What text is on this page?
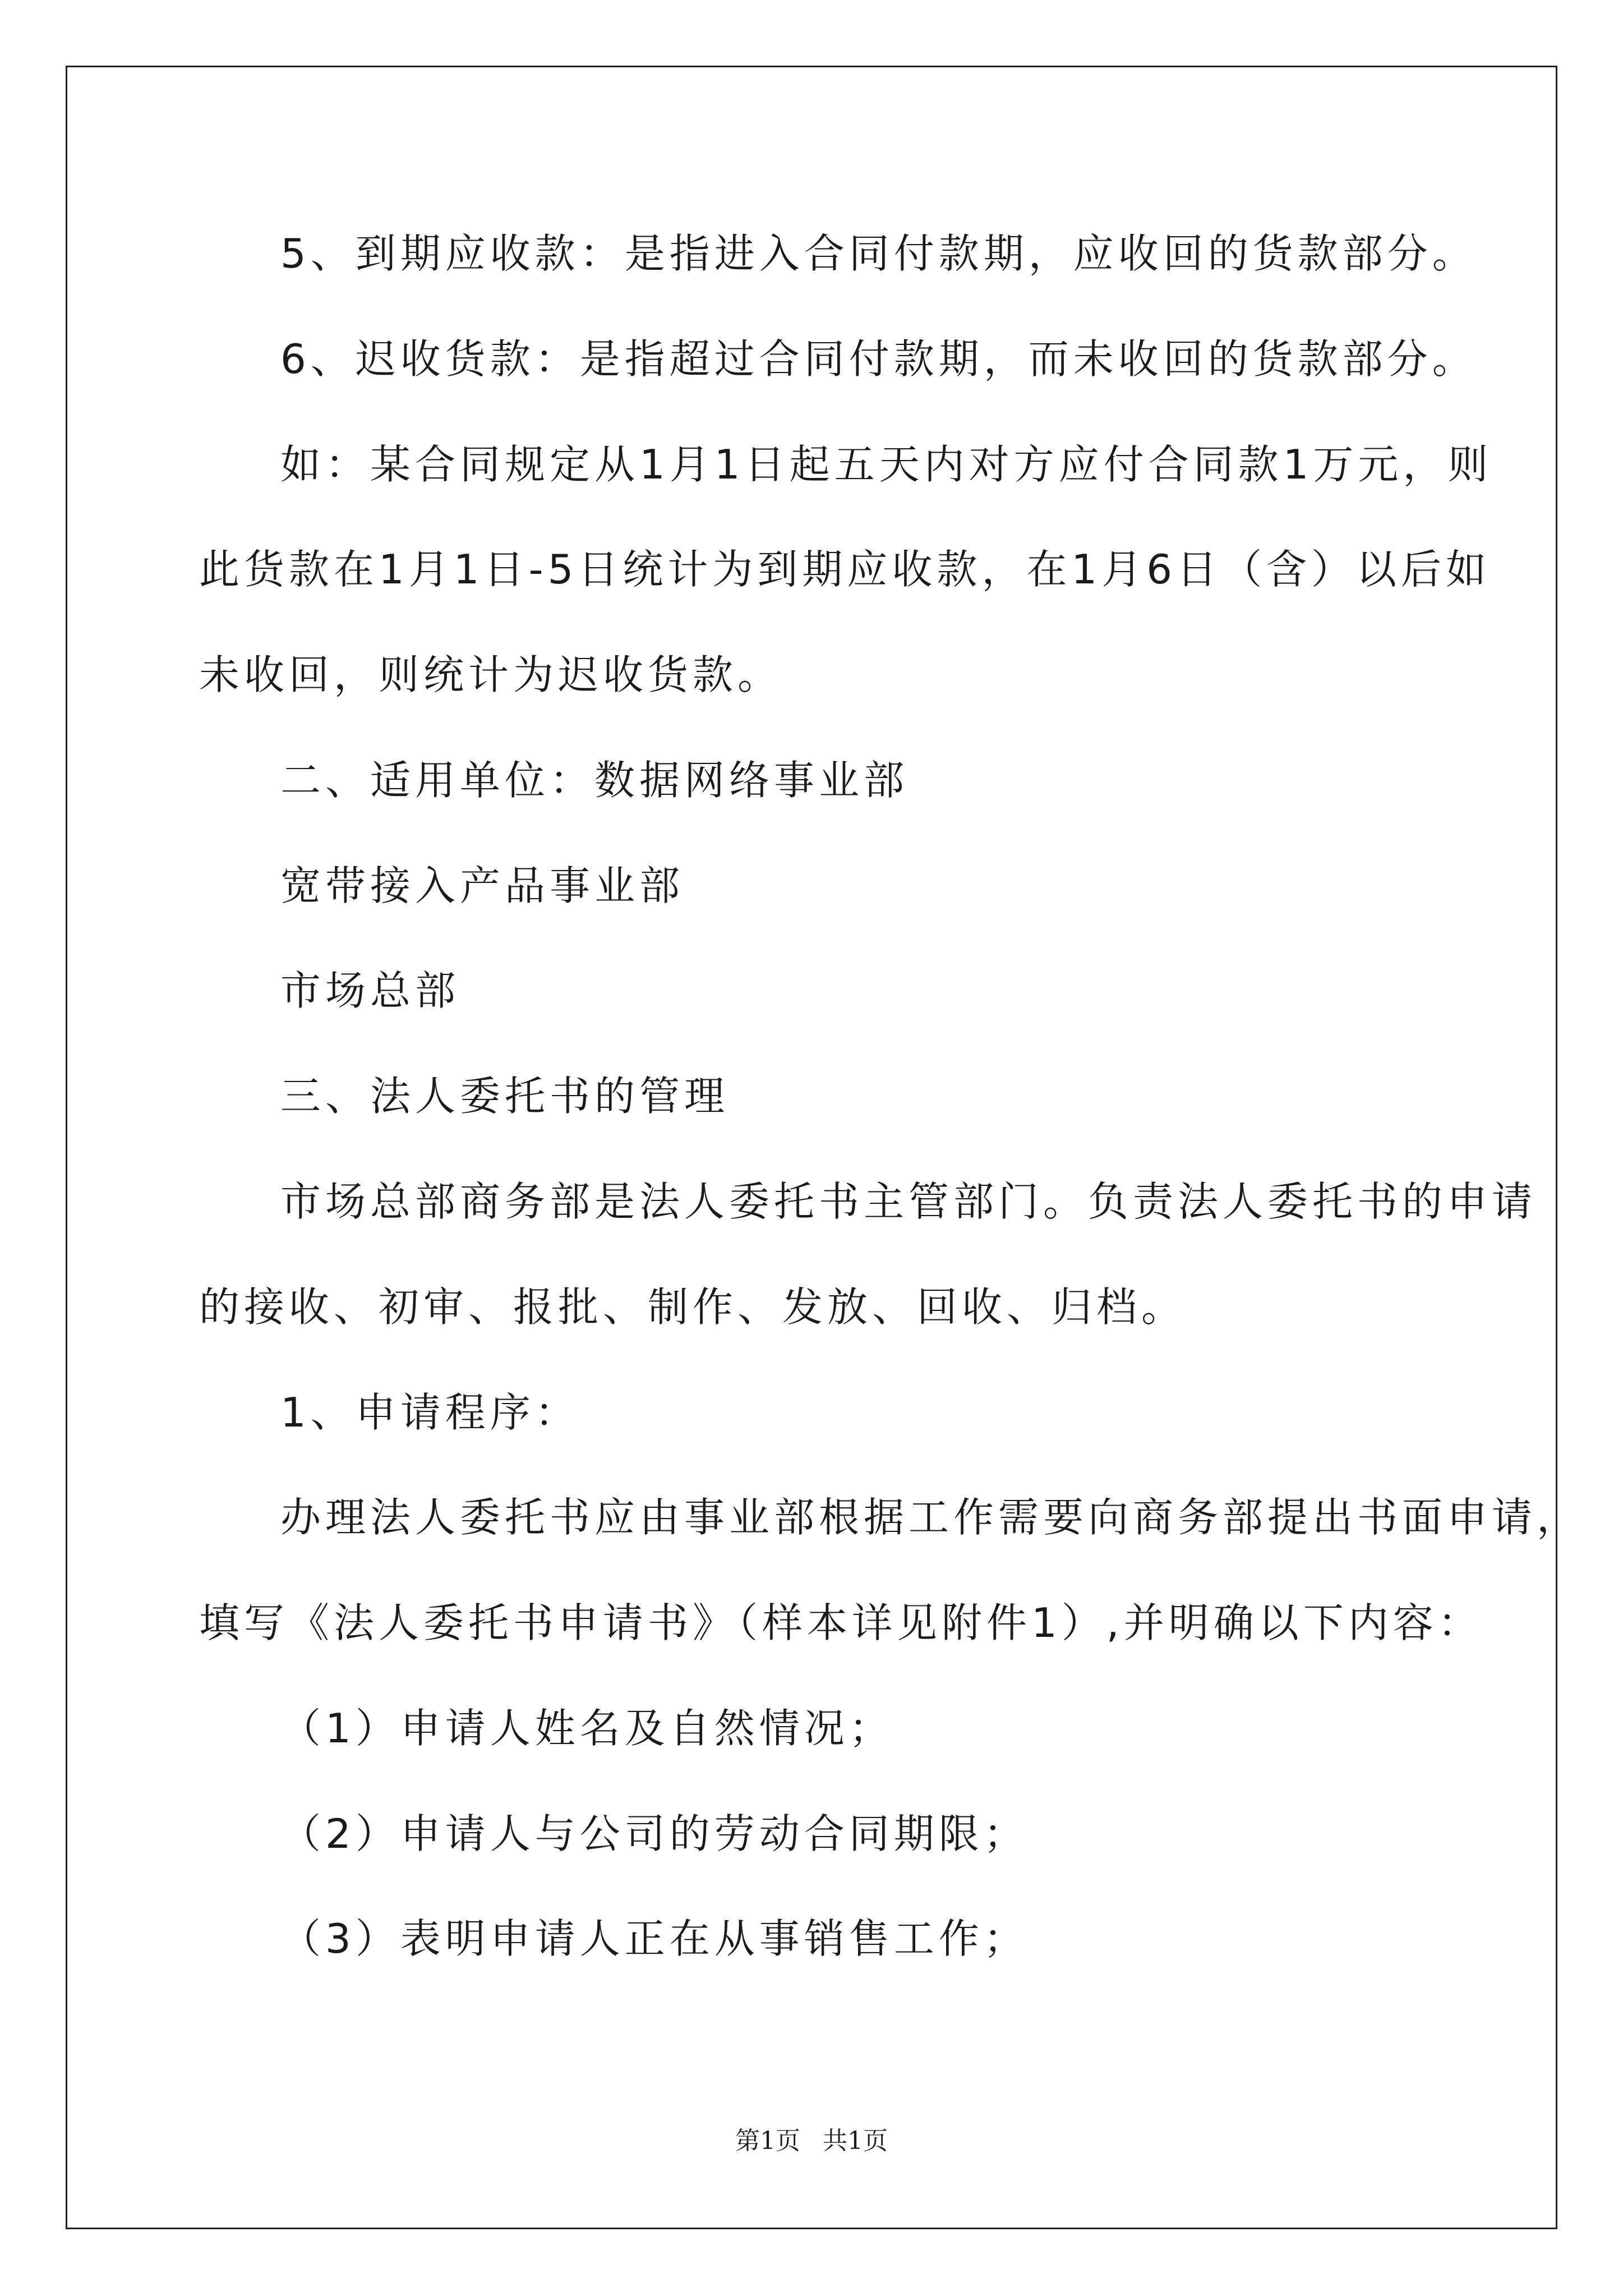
5、到期应收款：是指进入合同付款期，应收回的货款部分。
6、迟收货款：是指超过合同付款期，而未收回的货款部分。
如：某合同规定从1月1日起五天内对方应付合同款1万元，则
此货款在1月1日-5日统计为到期应收款，在1月6日（含）以后如
未收回，则统计为迟收货款。
二、适用单位：数据网络事业部
宽带接入产品事业部
市场总部
三、法人委托书的管理
市场总部商务部是法人委托书主管部门。负责法人委托书的申请
的接收、初审、报批、制作、发放、回收、归档。
1、申请程序：
办理法人委托书应由事业部根据工作需要向商务部提出书面申请，
填写《法人委托书申请书》（样本详见附件1）,并明确以下内容：
（1）申请人姓名及自然情况；
（2）申请人与公司的劳动合同期限；
（3）表明申请人正在从事销售工作；
第1页 共1页
